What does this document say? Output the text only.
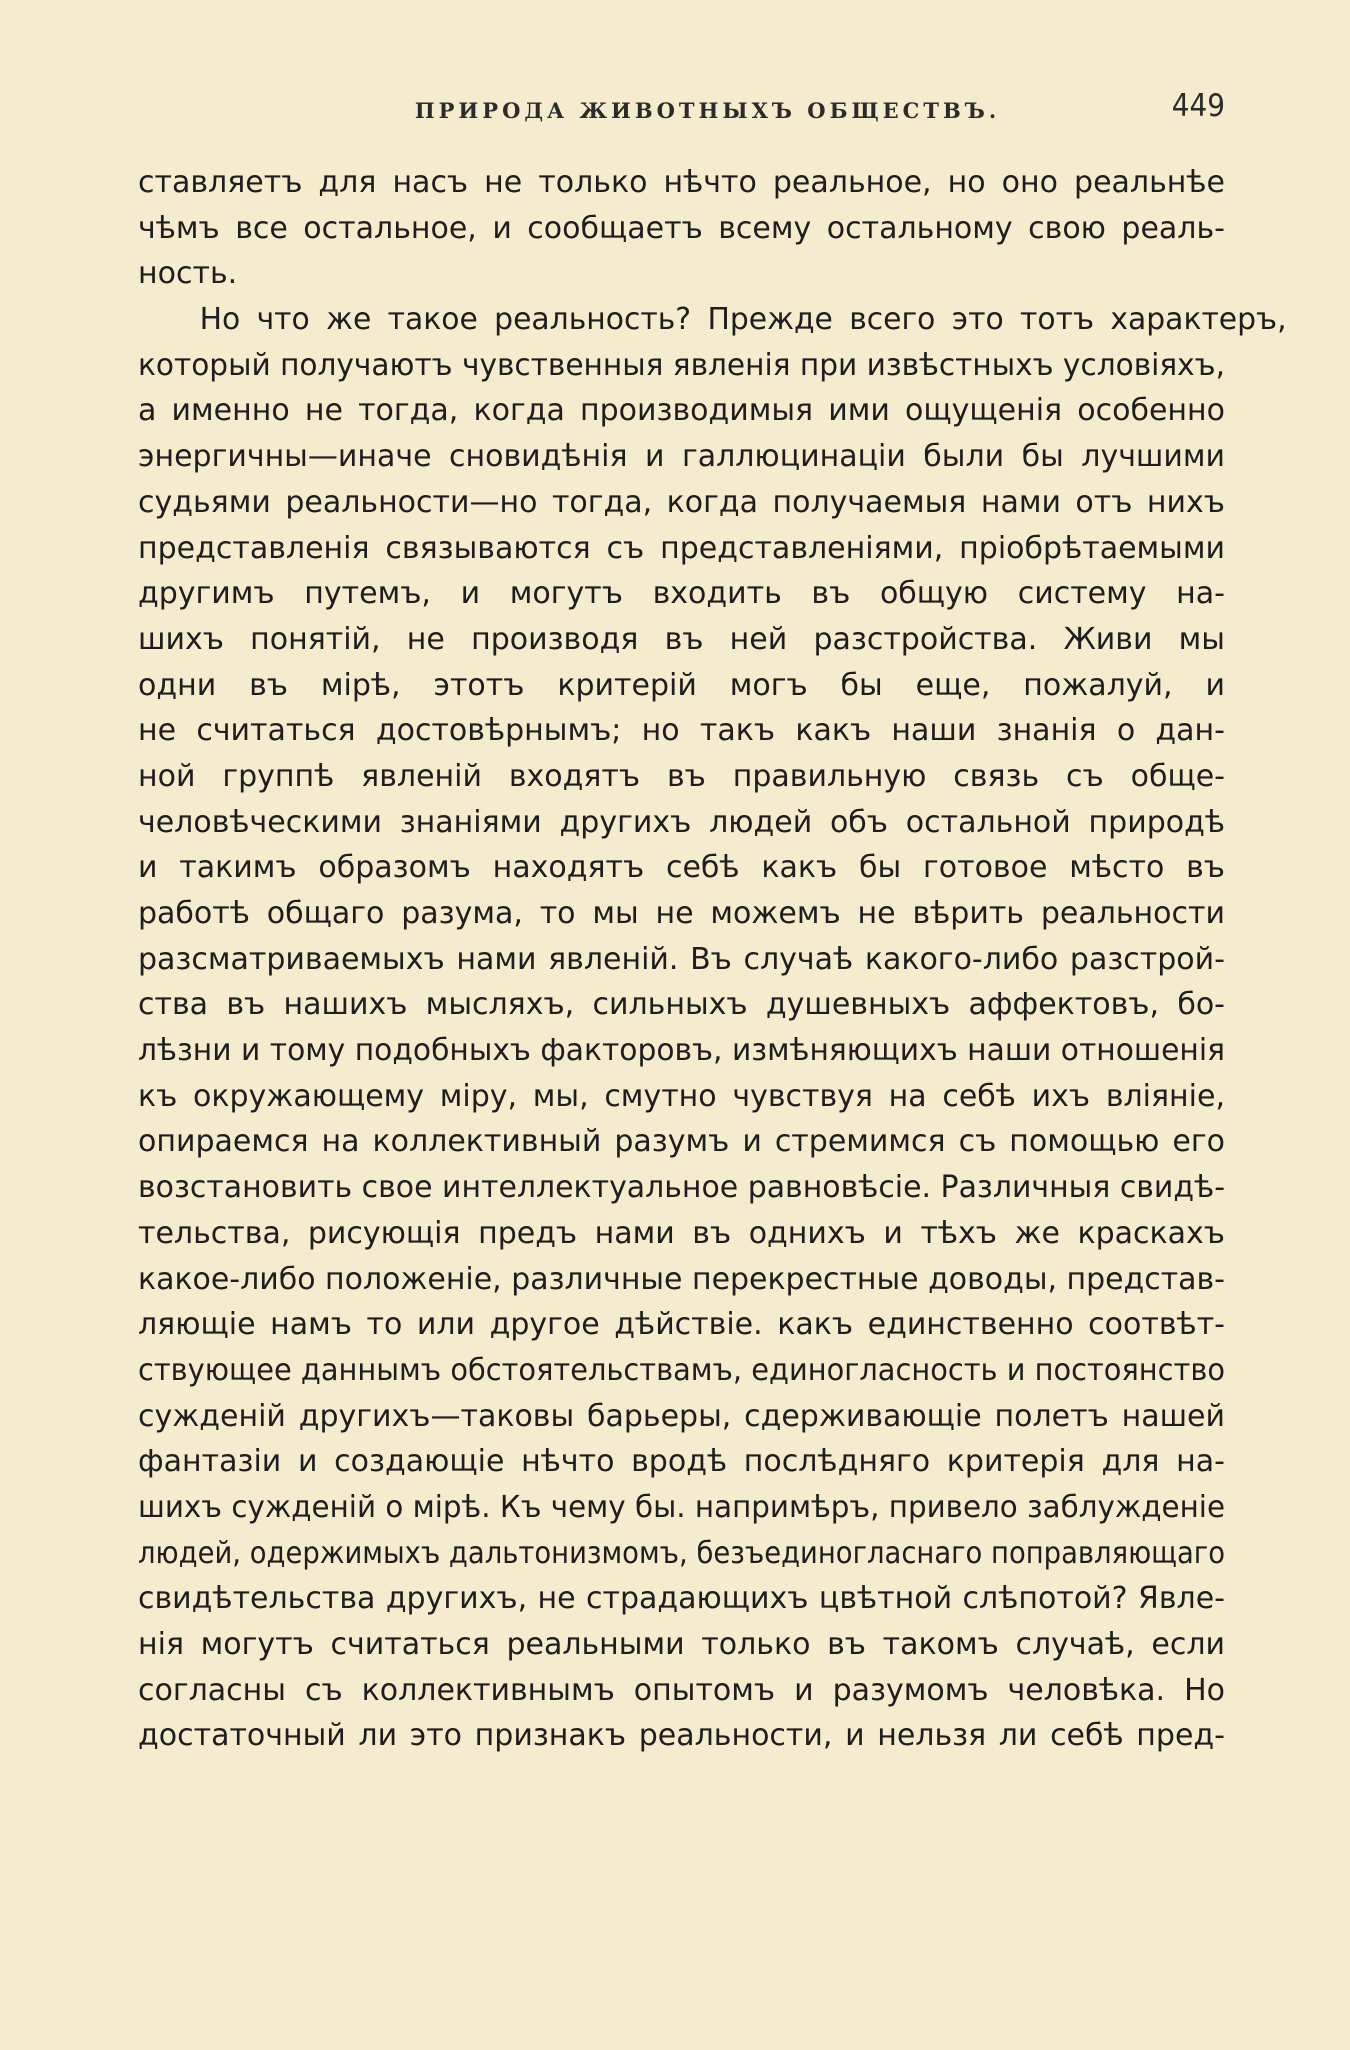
ПРИРОДА ЖИВОТНЫХЪ ОБЩЕСТВЪ.	449
ставляетъ для насъ не только нѣчто реальное, но оно реальнѣе
чѣмъ все остальное, и сообщаетъ всему остальному свою реаль-
ность.
Но что же такое реальность? Прежде всего это тотъ характеръ,
который получаютъ чувственныя явленія при извѣстныхъ условіяхъ,
а именно не тогда, когда производимыя ими ощущенія особенно
энергичны—иначе сновидѣнія и галлюцинаціи были бы лучшими
судьями реальности—но тогда, когда получаемыя нами отъ нихъ
представленія связываются съ представленіями, пріобрѣтаемыми
другимъ путемъ, и могутъ входить въ общую систему на-
шихъ понятій, не производя въ ней разстройства. Живи мы
одни въ мірѣ, этотъ критерій могъ бы еще, пожалуй, и
не считаться достовѣрнымъ; но такъ какъ наши знанія о дан-
ной группѣ явленій входятъ въ правильную связь съ обще-
человѣческими знаніями другихъ людей объ остальной природѣ
и такимъ образомъ находятъ себѣ какъ бы готовое мѣсто въ
работѣ общаго разума, то мы не можемъ не вѣрить реальности
разсматриваемыхъ нами явленій. Въ случаѣ какого-либо разстрой-
ства въ нашихъ мысляхъ, сильныхъ душевныхъ аффектовъ, бо-
лѣзни и тому подобныхъ факторовъ, измѣняющихъ наши отношенія
къ окружающему міру, мы, смутно чувствуя на себѣ ихъ вліяніе,
опираемся на коллективный разумъ и стремимся съ помощью его
возстановить свое интеллектуальное равновѣсіе. Различныя свидѣ-
тельства, рисующія предъ нами въ однихъ и тѣхъ же краскахъ
какое-либо положеніе, различные перекрестные доводы, представ-
ляющіе намъ то или другое дѣйствіе. какъ единственно соотвѣт-
ствующее даннымъ обстоятельствамъ, единогласность и постоянство
сужденій другихъ—таковы барьеры, сдерживающіе полетъ нашей
фантазіи и создающіе нѣчто вродѣ послѣдняго критерія для на-
шихъ сужденій о мірѣ. Къ чему бы. напримѣръ, привело заблужденіе
людей, одержимыхъ дальтонизмомъ, безъединогласнаго поправляющаго
свидѣтельства другихъ, не страдающихъ цвѣтной слѣпотой? Явле-
нія могутъ считаться реальными только въ такомъ случаѣ, если
согласны съ коллективнымъ опытомъ и разумомъ человѣка. Но
достаточный ли это признакъ реальности, и нельзя ли себѣ пред-
